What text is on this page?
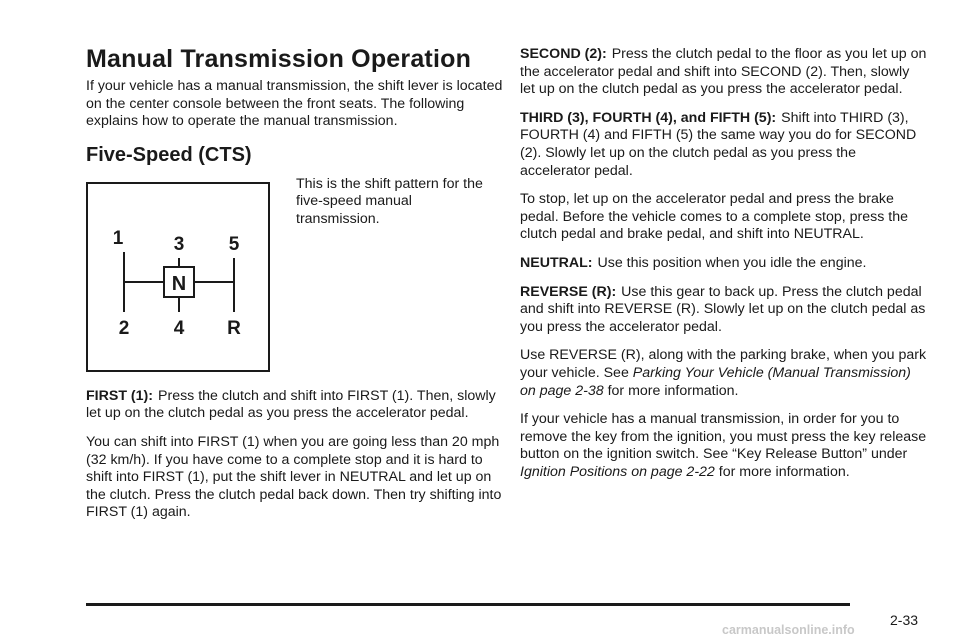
Manual Transmission Operation

If your vehicle has a manual transmission, the shift lever is located on the center console between the front seats. The following explains how to operate the manual transmission.

Five-Speed (CTS)
N
1	3 5
2 4 R

This is the shift pattern for the five-speed manual transmission.

FIRST (1): Press the clutch and shift into FIRST (1). Then, slowly let up on the clutch pedal as you press the accelerator pedal.

You can shift into FIRST (1) when you are going less than 20 mph (32 km/h). If you have come to a complete stop and it is hard to shift into FIRST (1), put the shift lever in NEUTRAL and let up on the clutch. Press the clutch pedal back down. Then try shifting into FIRST (1) again.

SECOND (2): Press the clutch pedal to the floor as you let up on the accelerator pedal and shift into SECOND (2). Then, slowly let up on the clutch pedal as you press the accelerator pedal.

THIRD (3), FOURTH (4), and FIFTH (5): Shift into THIRD (3), FOURTH (4) and FIFTH (5) the same way you do for SECOND (2). Slowly let up on the clutch pedal as you press the accelerator pedal.

To stop, let up on the accelerator pedal and press the brake pedal. Before the vehicle comes to a complete stop, press the clutch pedal and brake pedal, and shift into NEUTRAL.

NEUTRAL: Use this position when you idle the engine.

REVERSE (R): Use this gear to back up. Press the clutch pedal and shift into REVERSE (R). Slowly let up on the clutch pedal as you press the accelerator pedal.

Use REVERSE (R), along with the parking brake, when you park your vehicle. See Parking Your Vehicle (Manual Transmission) on page 2-38 for more information.

If your vehicle has a manual transmission, in order for you to remove the key from the ignition, you must press the key release button on the ignition switch. See “Key Release Button” under Ignition Positions on page 2-22 for more information.

2-33
carmanualsonline.info
